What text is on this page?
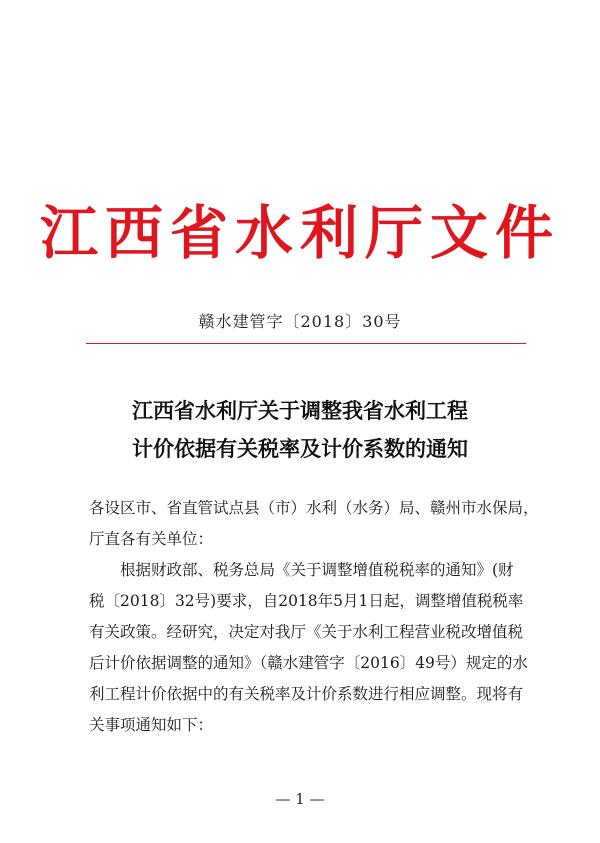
江西省水利厅文件
赣水建管字〔2018〕30号
江西省水利厅关于调整我省水利工程
计价依据有关税率及计价系数的通知
各设区市、省直管试点县（市）水利（水务）局、赣州市水保局，
厅直各有关单位：
　　根据财政部、税务总局《关于调整增值税税率的通知》(财
税〔2018〕32号)要求，自2018年5月1日起，调整增值税税率
有关政策。经研究，决定对我厅《关于水利工程营业税改增值税
后计价依据调整的通知》（赣水建管字〔2016〕49号）规定的水
利工程计价依据中的有关税率及计价系数进行相应调整。现将有
关事项通知如下：
— 1 —
